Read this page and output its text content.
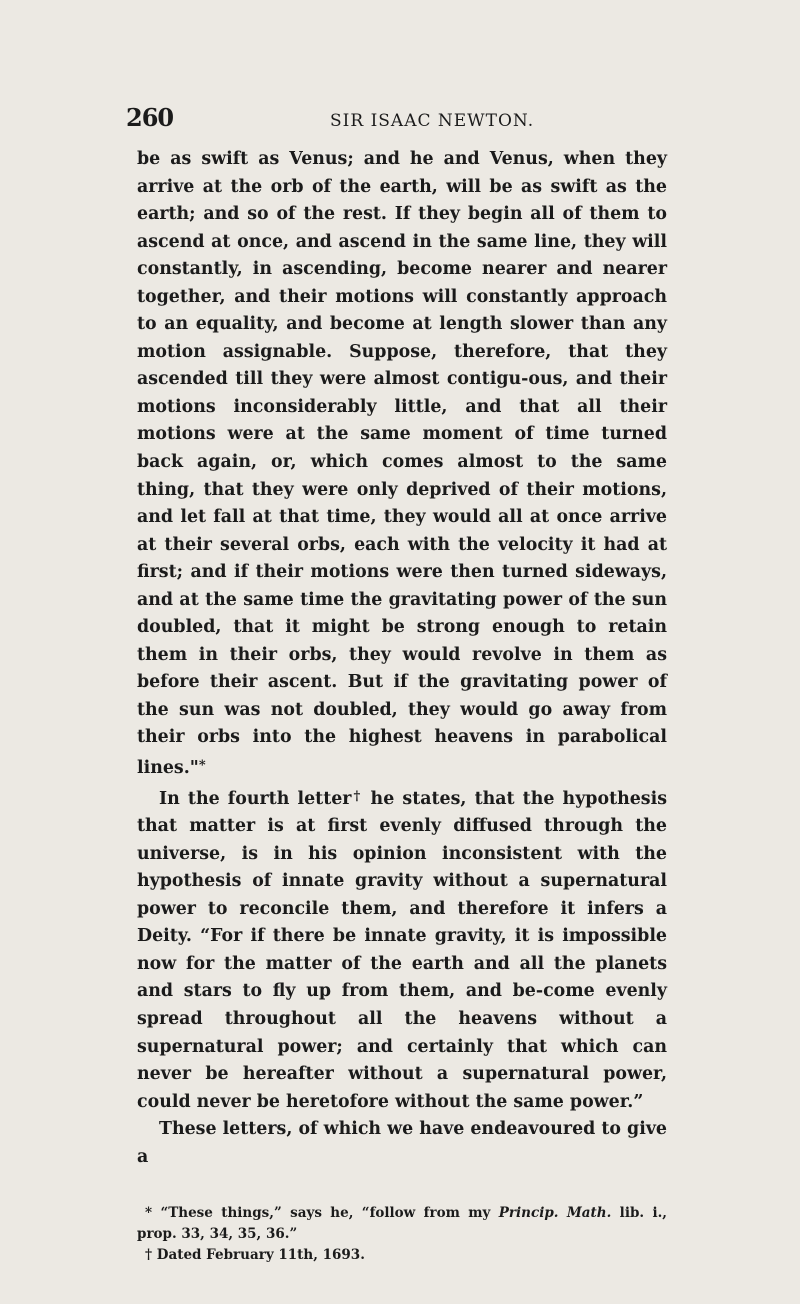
260	SIR ISAAC NEWTON.

be as swift as Venus; and he and Venus, when they arrive at the orb of the earth, will be as swift as the earth; and so of the rest. If they begin all of them to ascend at once, and ascend in the same line, they will constantly, in ascending, become nearer and nearer together, and their motions will constantly approach to an equality, and become at length slower than any motion assignable. Suppose, therefore, that they ascended till they were almost contigu-ous, and their motions inconsiderably little, and that all their motions were at the same moment of time turned back again, or, which comes almost to the same thing, that they were only deprived of their motions, and let fall at that time, they would all at once arrive at their several orbs, each with the velocity it had at first; and if their motions were then turned sideways, and at the same time the gravitating power of the sun doubled, that it might be strong enough to retain them in their orbs, they would revolve in them as before their ascent. But if the gravitating power of the sun was not doubled, they would go away from their orbs into the highest heavens in parabolical lines."*

In the fourth letter† he states, that the hypothesis that matter is at first evenly diffused through the universe, is in his opinion inconsistent with the hypothesis of innate gravity without a supernatural power to reconcile them, and therefore it infers a Deity. “For if there be innate gravity, it is impossible now for the matter of the earth and all the planets and stars to fly up from them, and be-come evenly spread throughout all the heavens without a supernatural power; and certainly that which can never be hereafter without a supernatural power, could never be heretofore without the same power.”

These letters, of which we have endeavoured to give a

* “These things,” says he, “follow from my Princip. Math. lib. i., prop. 33, 34, 35, 36.”

† Dated February 11th, 1693.
